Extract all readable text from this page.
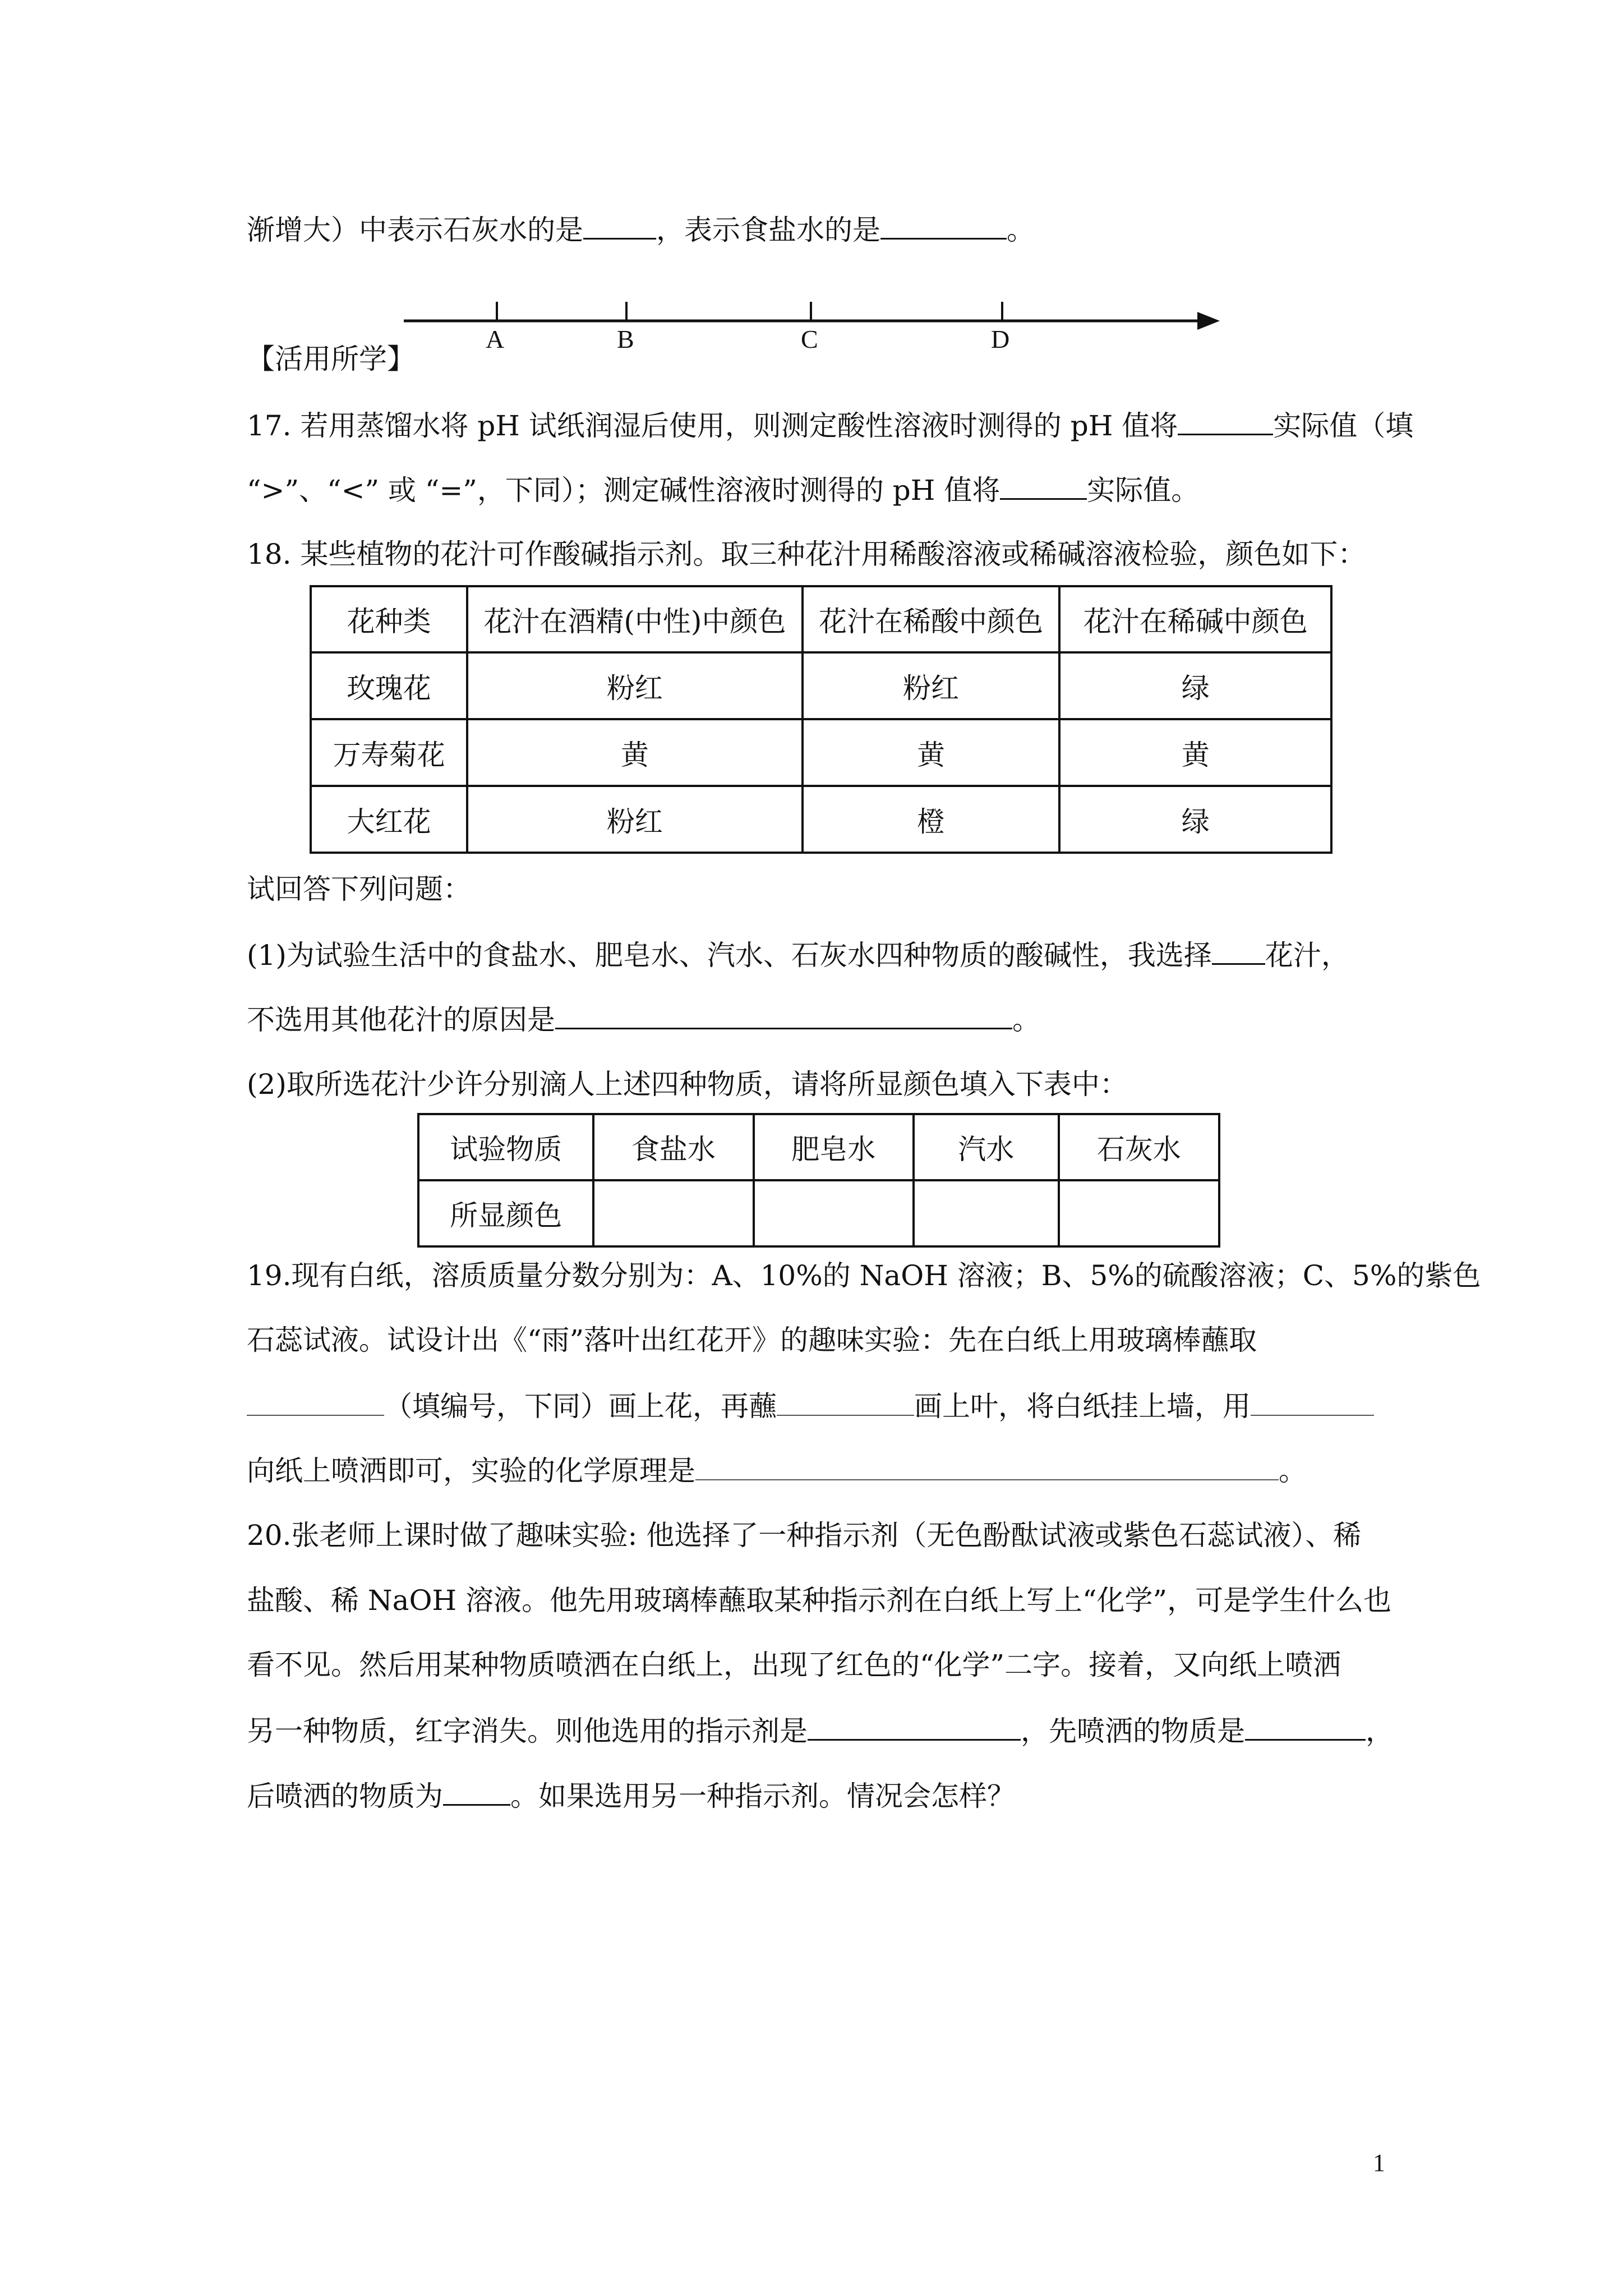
渐增大）中表示石灰水的是	，表示食盐水的是	。
A	B	C	D
【活用所学】
17. 若用蒸馏水将 pH 试纸润湿后使用，则测定酸性溶液时测得的 pH 值将	实际值（填
“>”、“<” 或 “=”，下同）；测定碱性溶液时测得的 pH 值将	实际值。
18. 某些植物的花汁可作酸碱指示剂。取三种花汁用稀酸溶液或稀碱溶液检验，颜色如下：
花种类	花汁在酒精(中性)中颜色	花汁在稀酸中颜色	花汁在稀碱中颜色
玫瑰花	粉红	粉红	绿
万寿菊花	黄	黄	黄
大红花	粉红	橙	绿
试回答下列问题：
(1)为试验生活中的食盐水、肥皂水、汽水、石灰水四种物质的酸碱性，我选择 花汁，
不选用其他花汁的原因是	。
(2)取所选花汁少许分别滴人上述四种物质，请将所显颜色填入下表中：
试验物质	食盐水	肥皂水	汽水	石灰水
所显颜色				
19.现有白纸，溶质质量分数分别为：A、10%的 NaOH 溶液；B、5%的硫酸溶液；C、5%的紫色
石蕊试液。试设计出《“雨”落叶出红花开》的趣味实验：先在白纸上用玻璃棒蘸取
（填编号，下同）画上花，再蘸	画上叶，将白纸挂上墙，用
向纸上喷洒即可，实验的化学原理是	。
20.张老师上课时做了趣味实验: 他选择了一种指示剂（无色酚酞试液或紫色石蕊试液）、稀
盐酸、稀 NaOH 溶液。他先用玻璃棒蘸取某种指示剂在白纸上写上“化学”，可是学生什么也
看不见。然后用某种物质喷洒在白纸上，出现了红色的“化学”二字。接着，又向纸上喷洒
另一种物质，红字消失。则他选用的指示剂是	，先喷洒的物质是	，
后喷洒的物质为 。如果选用另一种指示剂。情况会怎样？
1
